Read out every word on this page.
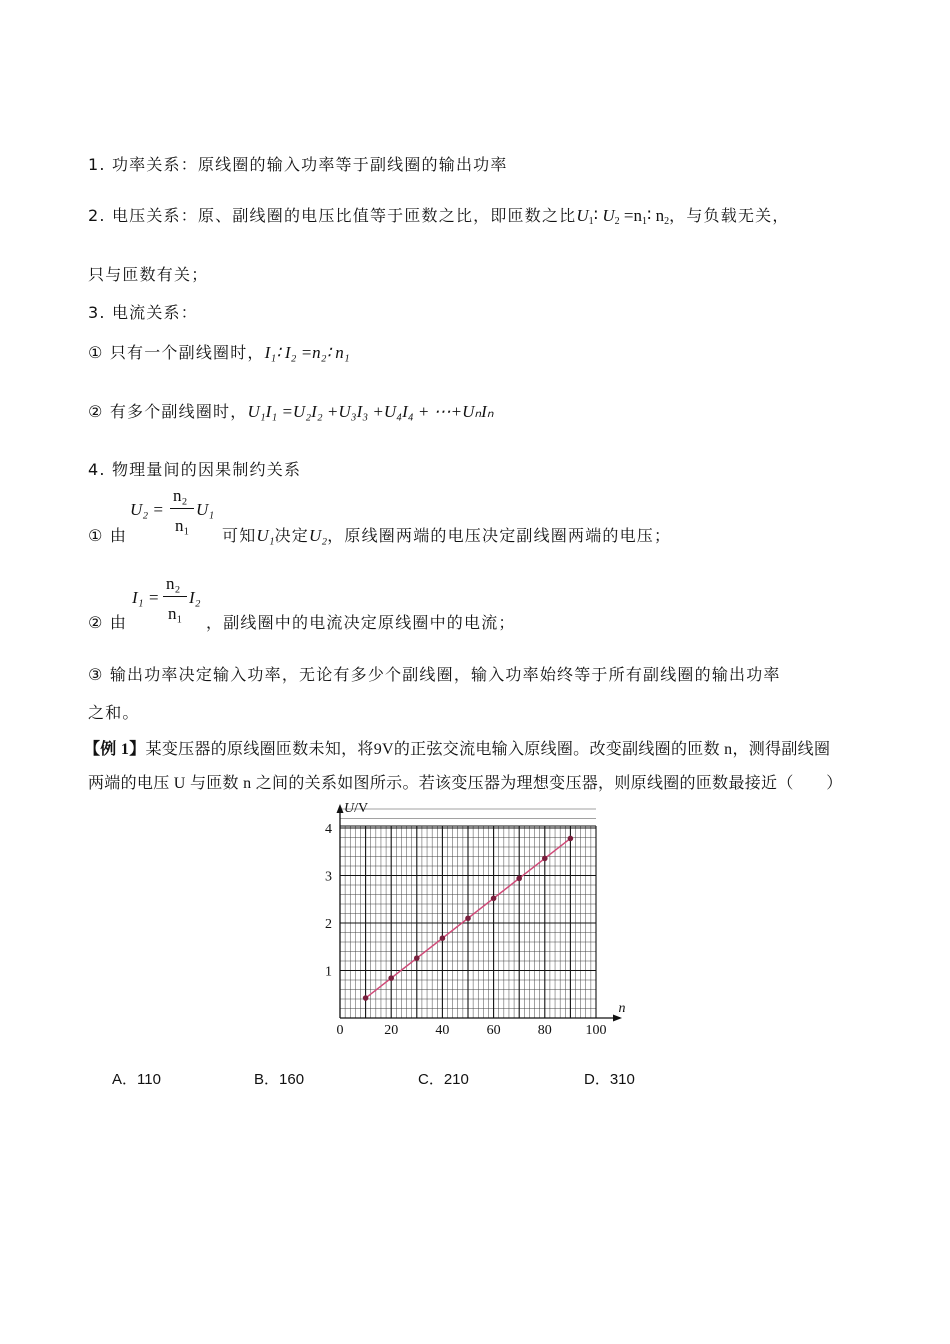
1. 功率关系：原线圈的输入功率等于副线圈的输出功率
2. 电压关系：原、副线圈的电压比值等于匝数之比，即匝数之比$U_1∶$ $U_2$ $=n_1∶$ $n_2$，与负载无关，
只与匝数有关；
3. 电流关系：
① 只有一个副线圈时，I₁∶ I₂ =n₂∶ n₁
② 有多个副线圈时，U₁I₁ =U₂I₂ +U₃I₃ +U₄I₄ + ⋯+UₙIₙ
4. 物理量间的因果制约关系
① 由
U₂ =
n₂
n₁
U₁
可知U₁决定U₂，原线圈两端的电压决定副线圈两端的电压；
② 由
I₁ =
n₂
n₁
I₂
，副线圈中的电流决定原线圈中的电流；
③ 输出功率决定输入功率，无论有多少个副线圈，输入功率始终等于所有副线圈的输出功率
之和。
【例 1】某变压器的原线圈匝数未知，将9V的正弦交流电输入原线圈。改变副线圈的匝数 n，测得副线圈
两端的电压 U 与匝数 n 之间的关系如图所示。若该变压器为理想变压器，则原线圈的匝数最接近（　　）
0	20	40	60	80 100
1
2
3
4
U/V
n
A．110	B．160	C．210	D．310
